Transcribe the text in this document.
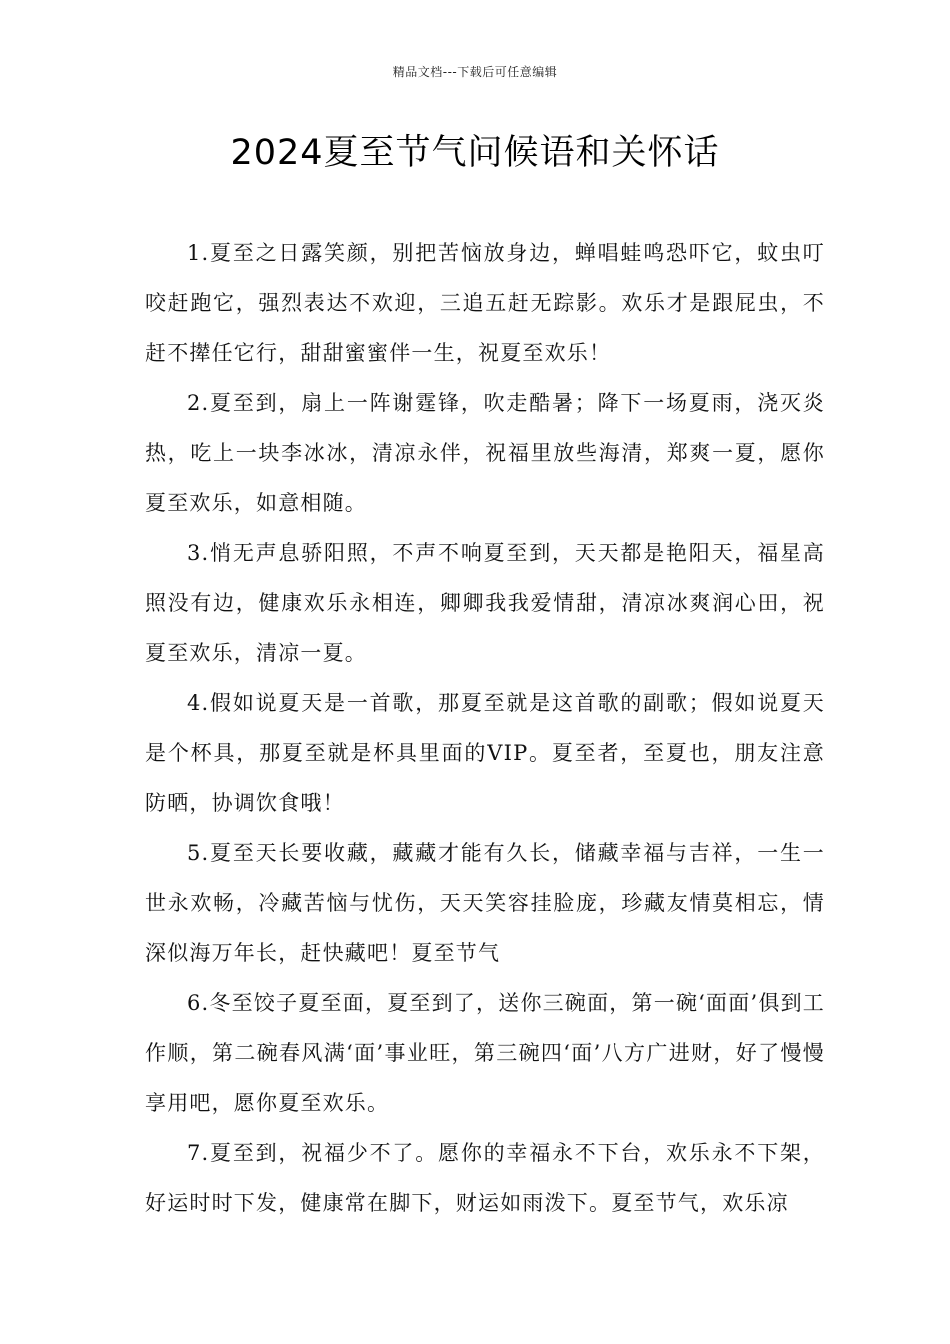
精品文档---下载后可任意编辑
2024夏至节气问候语和关怀话

1.夏至之日露笑颜，别把苦恼放身边，蝉唱蛙鸣恐吓它，蚊虫叮咬赶跑它，强烈表达不欢迎，三追五赶无踪影。欢乐才是跟屁虫，不赶不撵任它行，甜甜蜜蜜伴一生，祝夏至欢乐！

2.夏至到，扇上一阵谢霆锋，吹走酷暑；降下一场夏雨，浇灭炎热，吃上一块李冰冰，清凉永伴，祝福里放些海清，郑爽一夏，愿你夏至欢乐，如意相随。

3.悄无声息骄阳照，不声不响夏至到，天天都是艳阳天，福星高照没有边，健康欢乐永相连，卿卿我我爱情甜，清凉冰爽润心田，祝夏至欢乐，清凉一夏。

4.假如说夏天是一首歌，那夏至就是这首歌的副歌；假如说夏天是个杯具，那夏至就是杯具里面的VIP。夏至者，至夏也，朋友注意防晒，协调饮食哦！

5.夏至天长要收藏，藏藏才能有久长，储藏幸福与吉祥，一生一世永欢畅，冷藏苦恼与忧伤，天天笑容挂脸庞，珍藏友情莫相忘，情深似海万年长，赶快藏吧！夏至节气

6.冬至饺子夏至面，夏至到了，送你三碗面，第一碗‘面面’俱到工作顺，第二碗春风满‘面’事业旺，第三碗四‘面’八方广进财，好了慢慢享用吧，愿你夏至欢乐。

7.夏至到，祝福少不了。愿你的幸福永不下台，欢乐永不下架，好运时时下发，健康常在脚下，财运如雨泼下。夏至节气，欢乐凉
